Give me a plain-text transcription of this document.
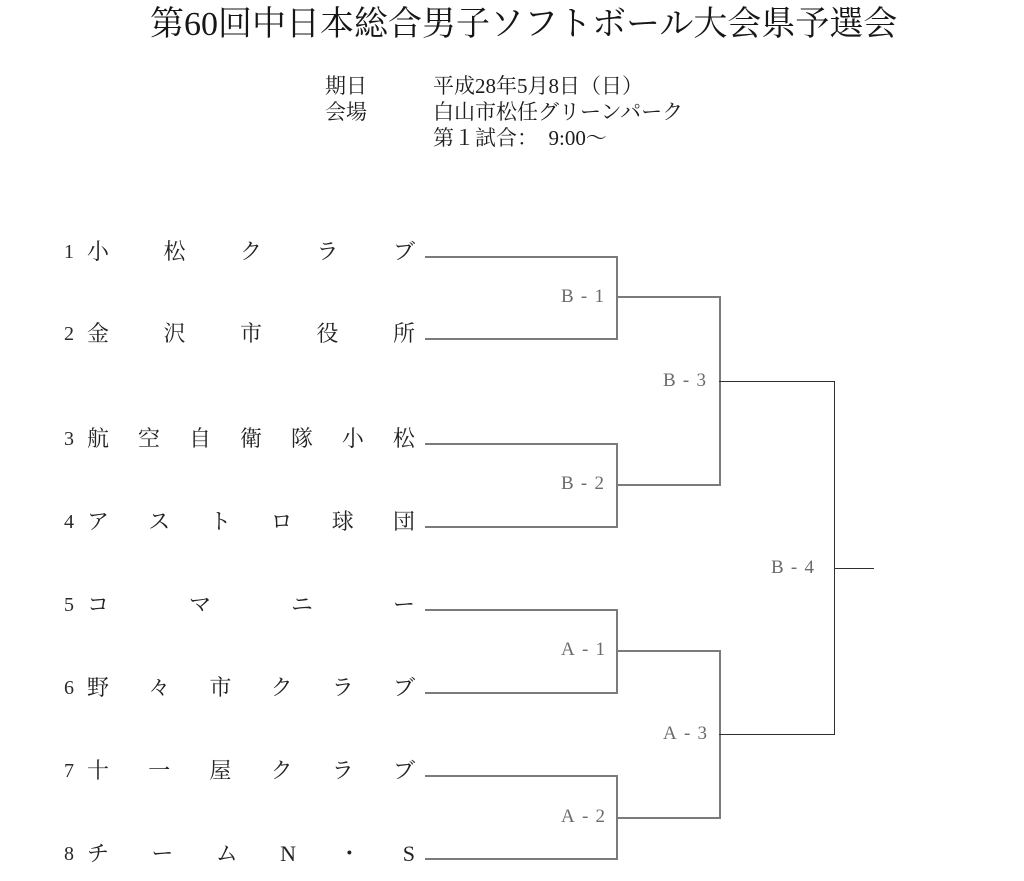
第60回中日本総合男子ソフトボール大会県予選会
期日	平成28年5月8日（日）
会場	白山市松任グリーンパーク
第１試合：　9:00～
1 小 松 ク ラ ブ
2 金 沢 市 役 所
3 航 空 自 衛 隊 小 松
4 ア ス ト ロ 球 団
5 コ	マ	ニ	ー
6 野 々 市 ク ラ ブ
7 十 一 屋 ク ラ ブ
8 チ ー ム N ・ S
B-1
B-2
B-3
A-1
A-2
A-3
B-4
